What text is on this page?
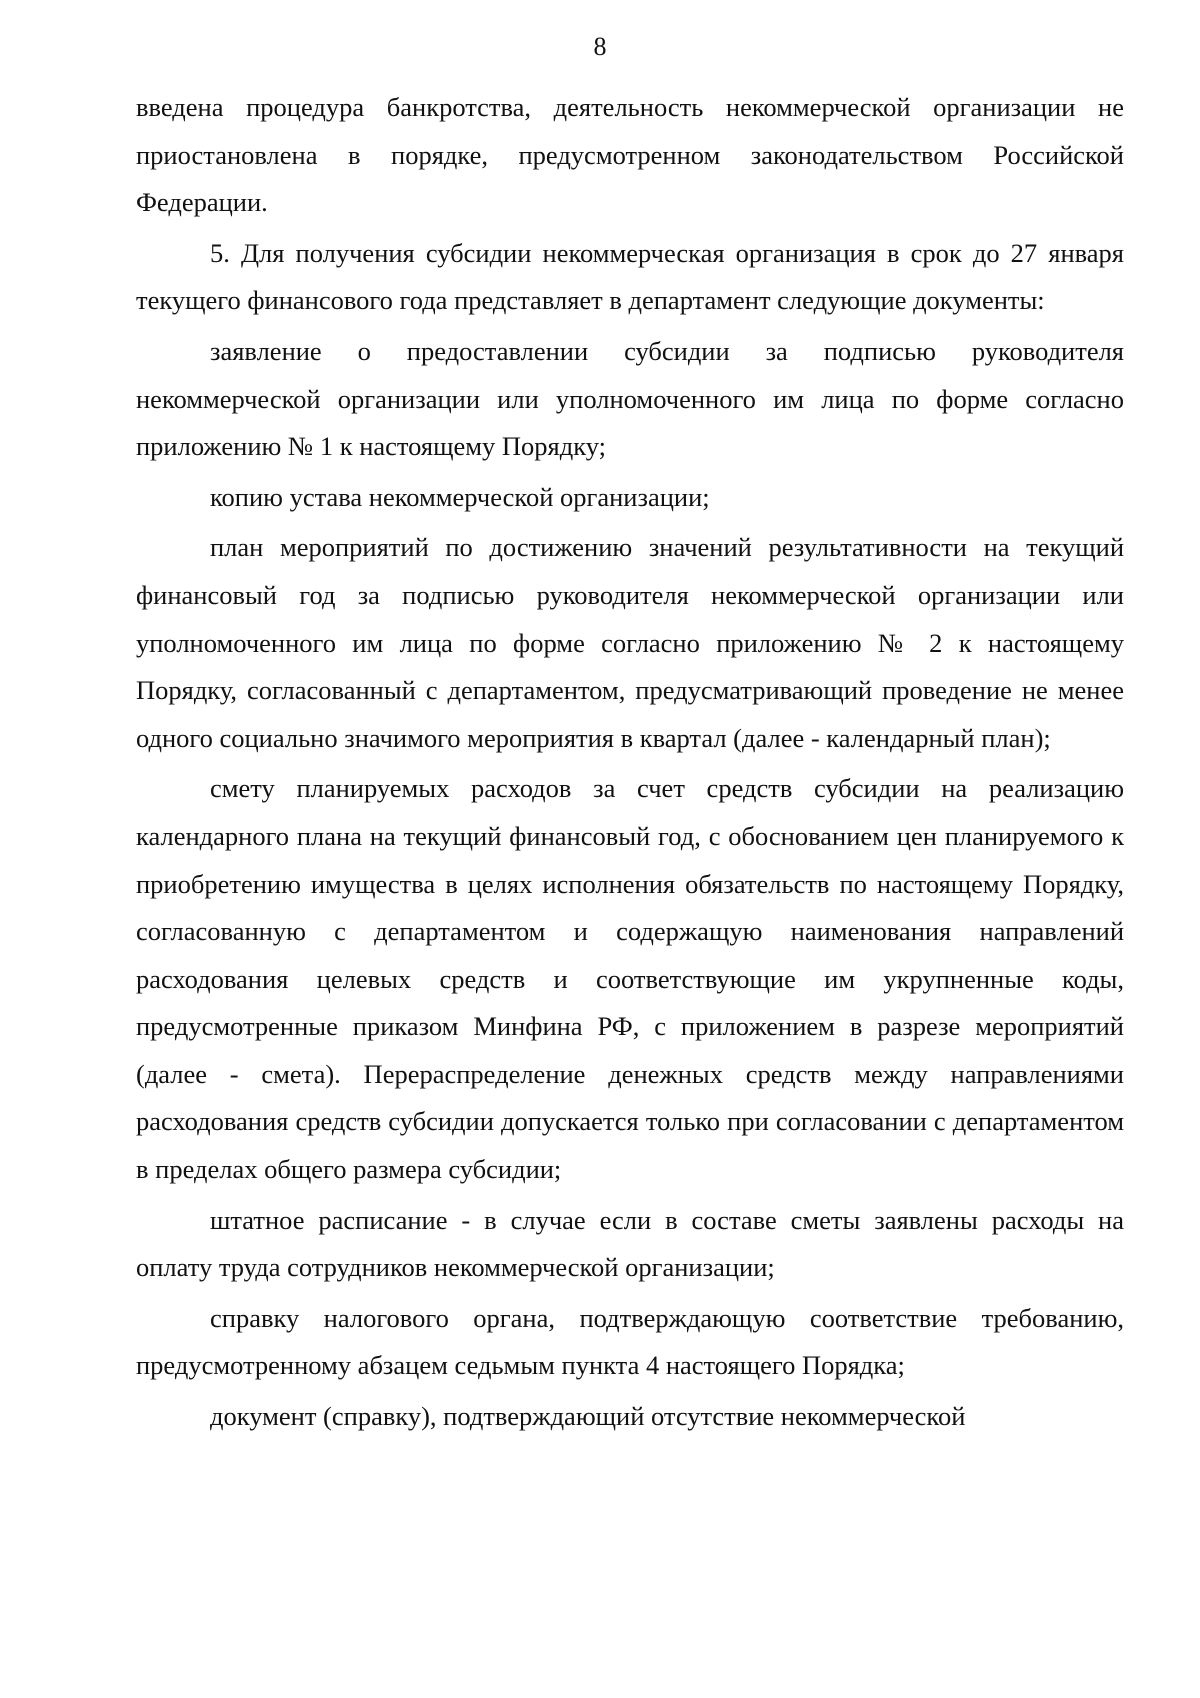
8

введена процедура банкротства, деятельность некоммерческой организации не приостановлена в порядке, предусмотренном законодательством Российской Федерации.

5. Для получения субсидии некоммерческая организация в срок до 27 января текущего финансового года представляет в департамент следующие документы:

заявление о предоставлении субсидии за подписью руководителя некоммерческой организации или уполномоченного им лица по форме согласно приложению № 1 к настоящему Порядку;

копию устава некоммерческой организации;

план мероприятий по достижению значений результативности на текущий финансовый год за подписью руководителя некоммерческой организации или уполномоченного им лица по форме согласно приложению № 2 к настоящему Порядку, согласованный с департаментом, предусматривающий проведение не менее одного социально значимого мероприятия в квартал (далее - календарный план);

смету планируемых расходов за счет средств субсидии на реализацию календарного плана на текущий финансовый год, с обоснованием цен планируемого к приобретению имущества в целях исполнения обязательств по настоящему Порядку, согласованную с департаментом и содержащую наименования направлений расходования целевых средств и соответствующие им укрупненные коды, предусмотренные приказом Минфина РФ, с приложением в разрезе мероприятий (далее - смета). Перераспределение денежных средств между направлениями расходования средств субсидии допускается только при согласовании с департаментом в пределах общего размера субсидии;

штатное расписание - в случае если в составе сметы заявлены расходы на оплату труда сотрудников некоммерческой организации;

справку налогового органа, подтверждающую соответствие требованию, предусмотренному абзацем седьмым пункта 4 настоящего Порядка;

документ (справку), подтверждающий отсутствие некоммерческой
